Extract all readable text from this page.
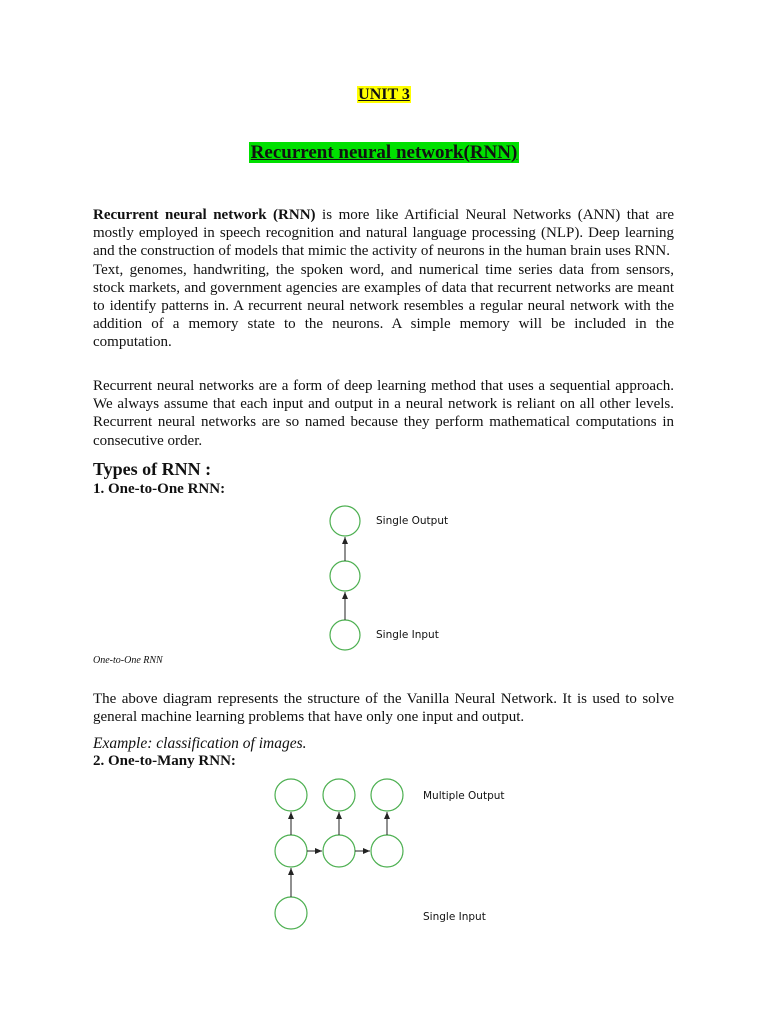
UNIT 3
Recurrent neural network(RNN)
Recurrent neural network (RNN) is more like Artificial Neural Networks (ANN) that are mostly employed in speech recognition and natural language processing (NLP). Deep learning and the construction of models that mimic the activity of neurons in the human brain uses RNN.
Text, genomes, handwriting, the spoken word, and numerical time series data from sensors, stock markets, and government agencies are examples of data that recurrent networks are meant to identify patterns in. A recurrent neural network resembles a regular neural network with the addition of a memory state to the neurons. A simple memory will be included in the computation.
Recurrent neural networks are a form of deep learning method that uses a sequential approach. We always assume that each input and output in a neural network is reliant on all other levels. Recurrent neural networks are so named because they perform mathematical computations in consecutive order.
Types of RNN :
1. One-to-One RNN:
One-to-One RNN
The above diagram represents the structure of the Vanilla Neural Network. It is used to solve general machine learning problems that have only one input and output.
Example: classification of images.
2. One-to-Many RNN:
Single Output
Single Input
Multiple Output
Single Input
